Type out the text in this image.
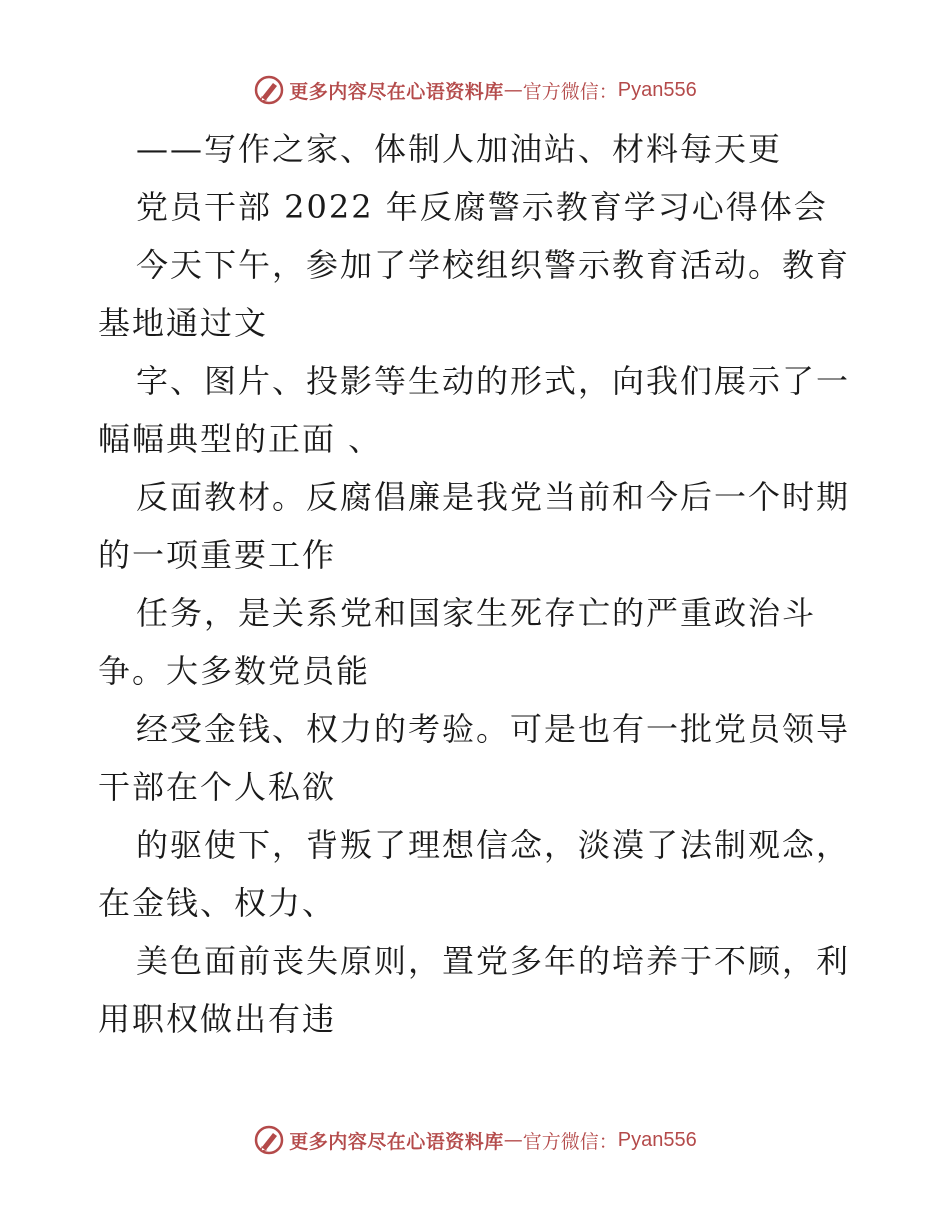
更多内容尽在心语资料库 — 官方微信： Pyan556
——写作之家、体制人加油站、材料每天更
党员干部 2022 年反腐警示教育学习心得体会
今天下午，参加了学校组织警示教育活动。教育
基地通过文
字、图片、投影等生动的形式，向我们展示了一
幅幅典型的正面 、
反面教材。反腐倡廉是我党当前和今后一个时期
的一项重要工作
任务，是关系党和国家生死存亡的严重政治斗
争。大多数党员能
经受金钱、权力的考验。可是也有一批党员领导
干部在个人私欲
的驱使下，背叛了理想信念，淡漠了法制观念，
在金钱、权力、
美色面前丧失原则，置党多年的培养于不顾，利
用职权做出有违
更多内容尽在心语资料库 — 官方微信： Pyan556
